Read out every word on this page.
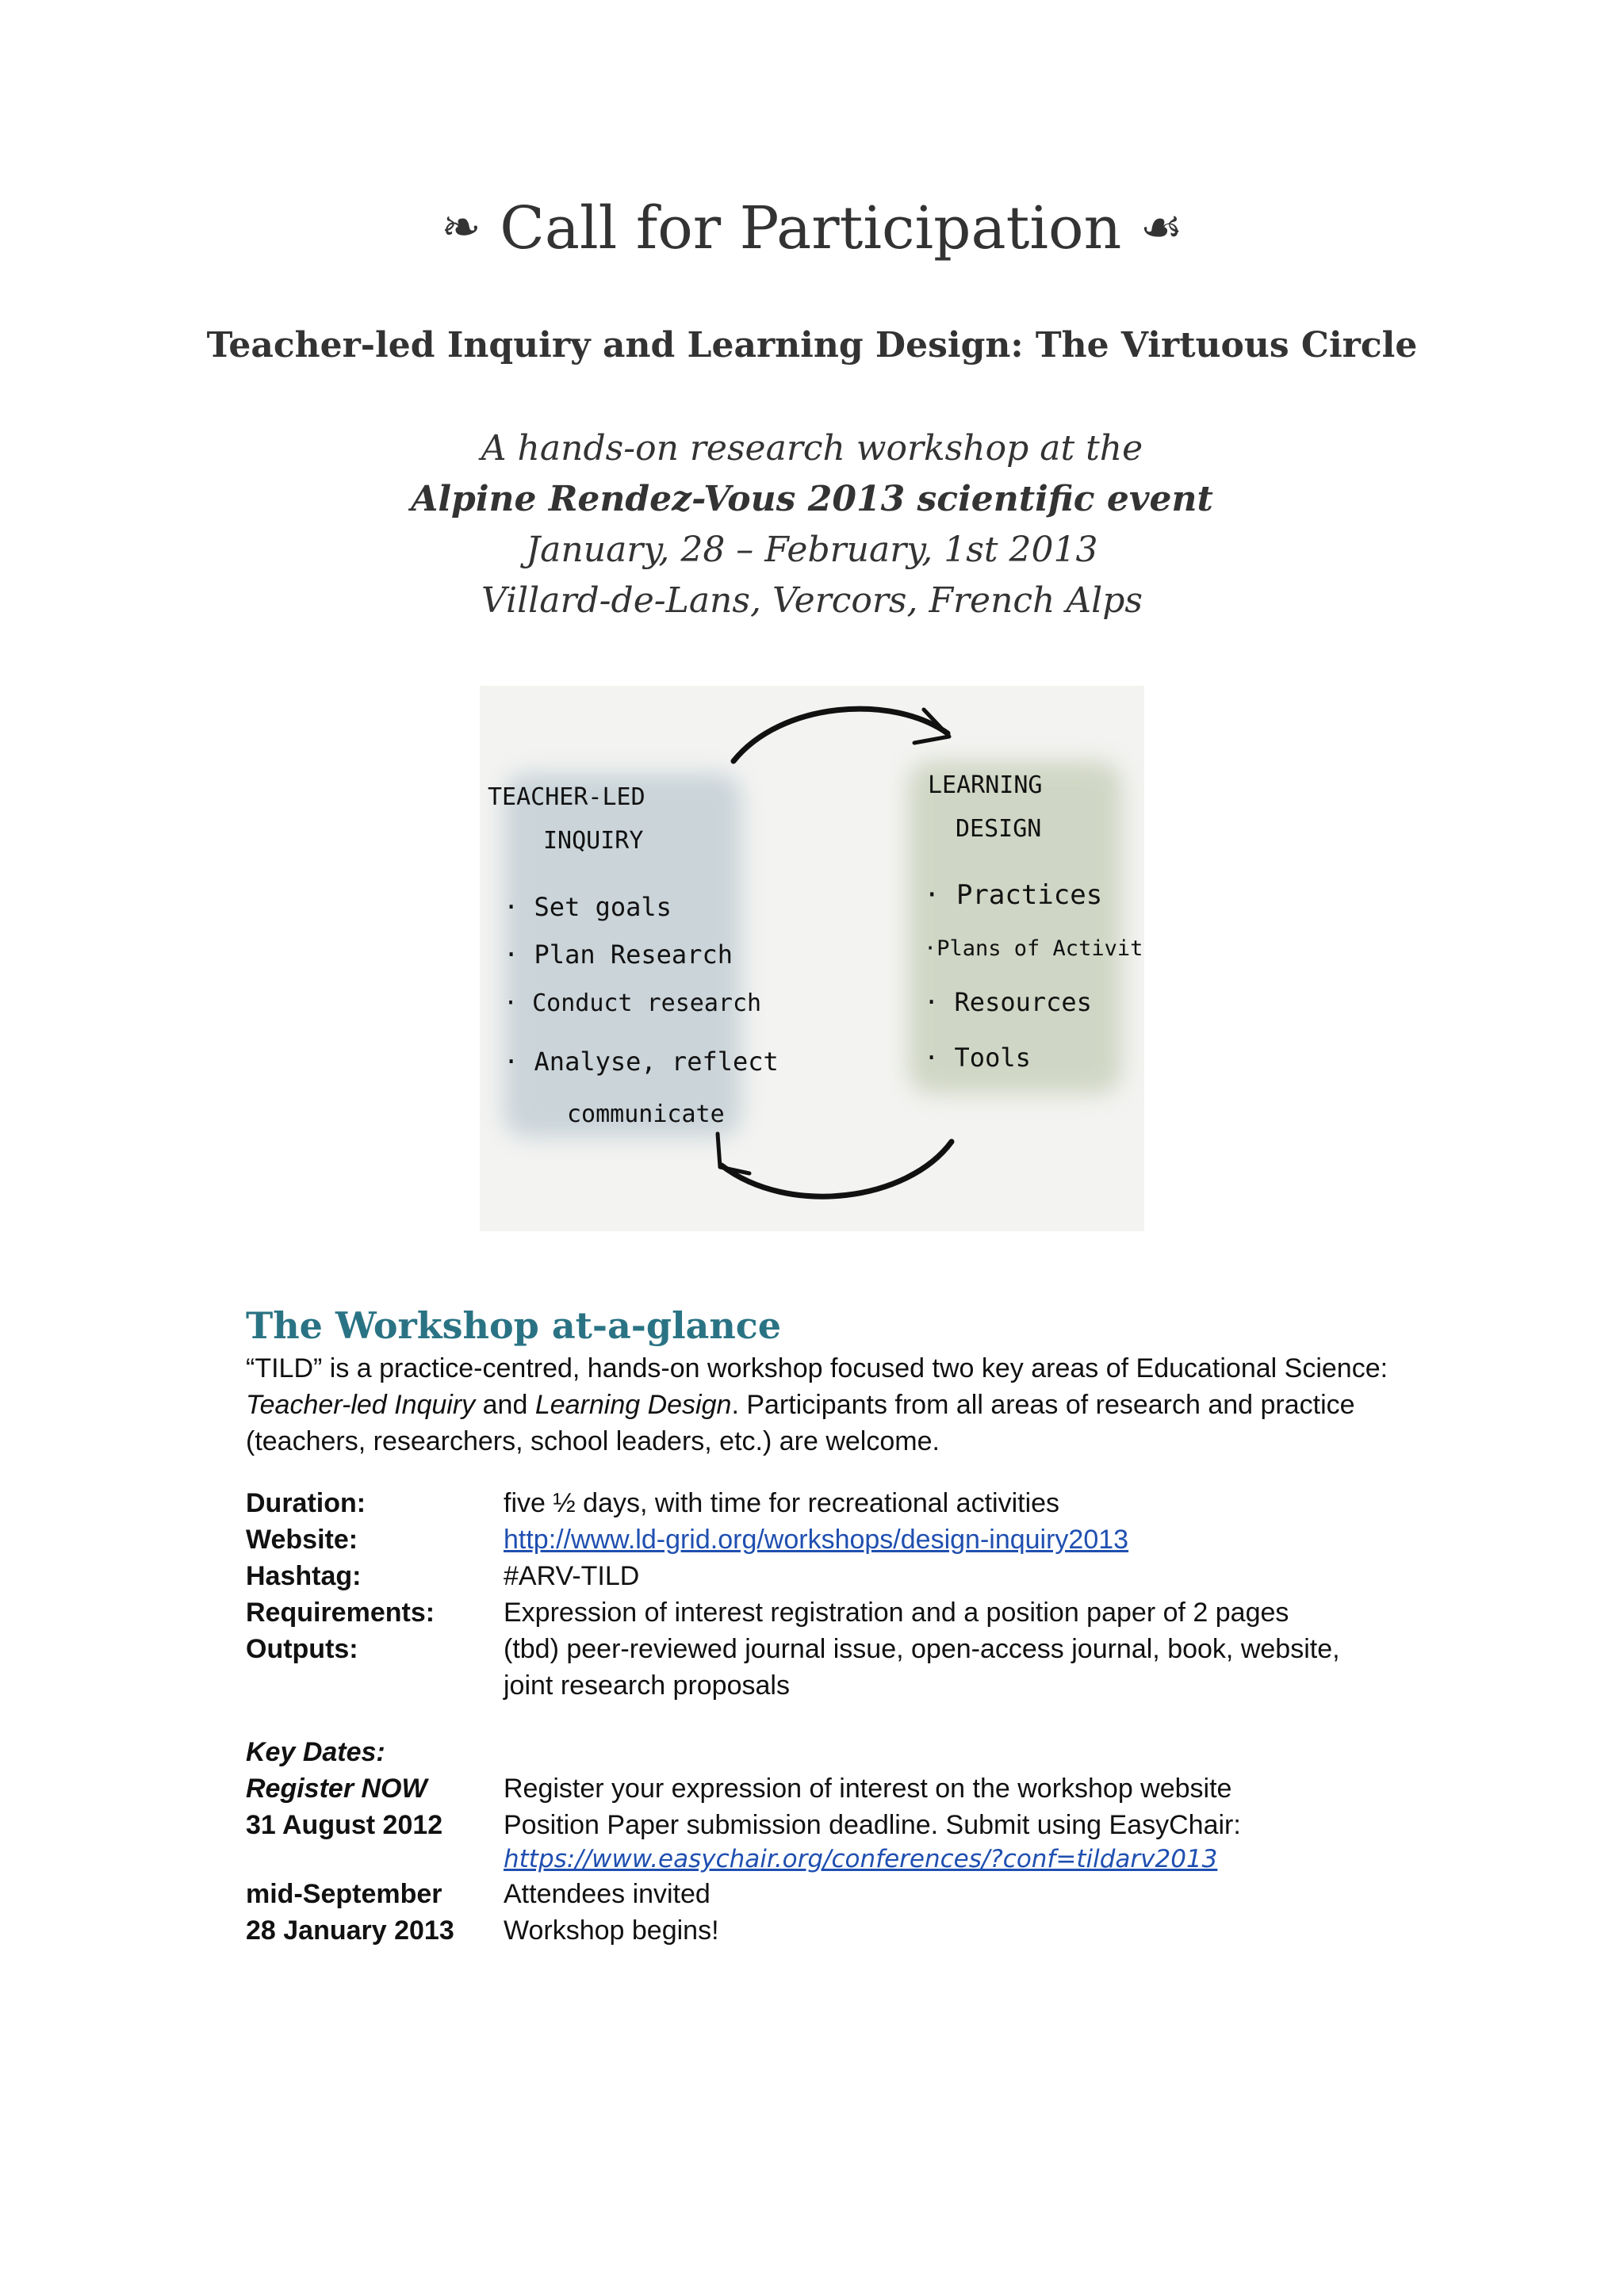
❧ Call for Participation ☙
Teacher-led Inquiry and Learning Design: The Virtuous Circle
A hands-on research workshop at the
Alpine Rendez-Vous 2013 scientific event
January, 28 – February, 1st 2013
Villard-de-Lans, Vercors, French Alps
TEACHER-LED
INQUIRY
· Set goals
· Plan Research
· Conduct research
· Analyse, reflect
communicate
LEARNING
DESIGN
· Practices
·Plans of Activity
· Resources
· Tools
The Workshop at-a-glance
“TILD” is a practice-centred, hands-on workshop focused two key areas of Educational Science: Teacher-led Inquiry and Learning Design. Participants from all areas of research and practice (teachers, researchers, school leaders, etc.) are welcome.
Duration:	five ½ days, with time for recreational activities
Website:	http://www.ld-grid.org/workshops/design-inquiry2013
Hashtag:	#ARV-TILD
Requirements:	Expression of interest registration and a position paper of 2 pages
Outputs:	(tbd) peer-reviewed journal issue, open-access journal, book, website,
joint research proposals
Key Dates:
Register NOW	Register your expression of interest on the workshop website
31 August 2012 Position Paper submission deadline. Submit using EasyChair:
https://www.easychair.org/conferences/?conf=tildarv2013
mid-September Attendees invited
28 January 2013 Workshop begins!
